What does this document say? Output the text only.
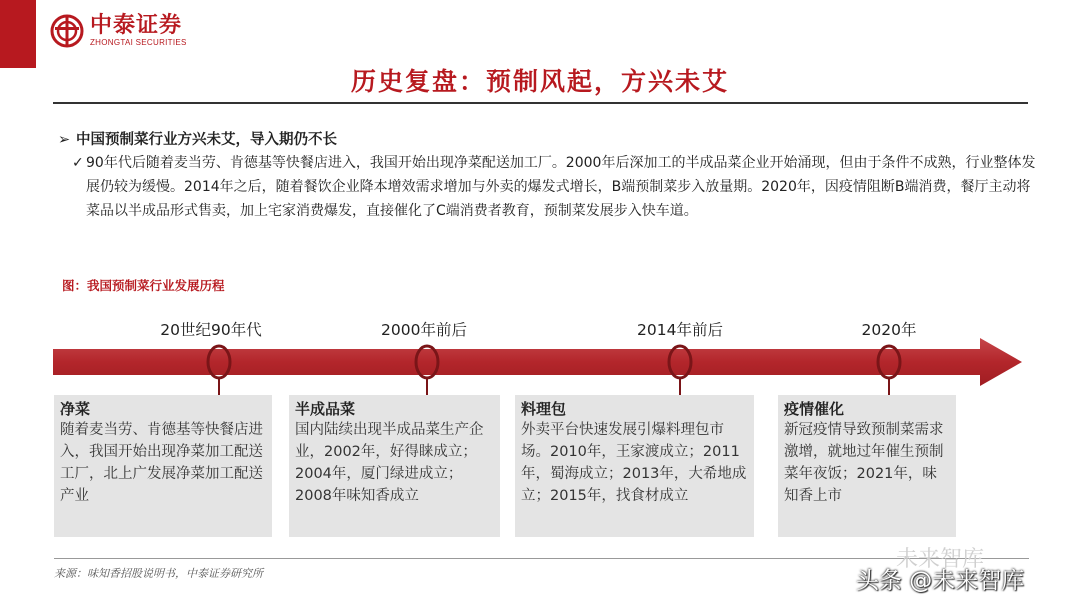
中泰证券
ZHONGTAI SECURITIES
历史复盘：预制风起，方兴未艾
➢ 中国预制菜行业方兴未艾，导入期仍不长
✓ 90年代后随着麦当劳、肯德基等快餐店进入，我国开始出现净菜配送加工厂。2000年后深加工的半成品菜企业开始涌现，但由于条件不成熟，行业整体发展仍较为缓慢。2014年之后，随着餐饮企业降本增效需求增加与外卖的爆发式增长，B端预制菜步入放量期。2020年，因疫情阻断B端消费，餐厅主动将菜品以半成品形式售卖，加上宅家消费爆发，直接催化了C端消费者教育，预制菜发展步入快车道。
图：我国预制菜行业发展历程
20世纪90年代	2000年前后	2014年前后	2020年
净菜
随着麦当劳、肯德基等快餐店进入，我国开始出现净菜加工配送工厂，北上广发展净菜加工配送产业
半成品菜
国内陆续出现半成品菜生产企业，2002年，好得睐成立；2004年，厦门绿进成立；2008年味知香成立
料理包
外卖平台快速发展引爆料理包市场。2010年，王家渡成立；2011年，蜀海成立；2013年，大希地成立；2015年，找食材成立
疫情催化
新冠疫情导致预制菜需求激增，就地过年催生预制菜年夜饭；2021年，味知香上市
来源：味知香招股说明书，中泰证券研究所
未来智库
头条 @未来智库
